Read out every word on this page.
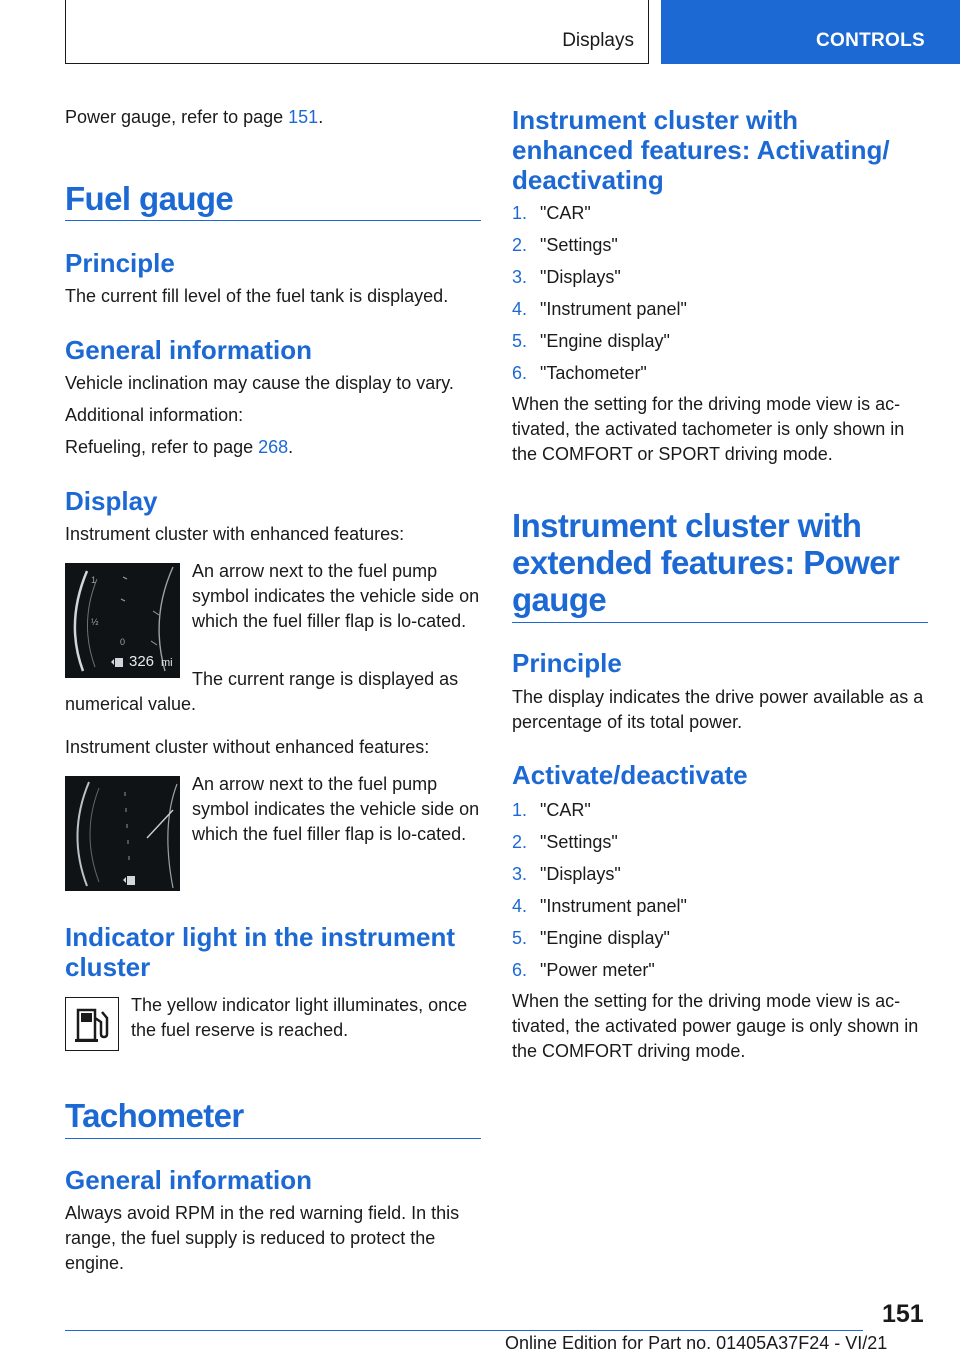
Displays	CONTROLS

Power gauge, refer to page 151.

Fuel gauge
Principle

The current fill level of the fuel tank is displayed.

General information

Vehicle inclination may cause the display to vary.

Additional information:

Refueling, refer to page 268.

Display

Instrument cluster with enhanced features:

1
½
0
326 mi

An arrow next to the fuel pump symbol indicates the vehicle side on which the fuel filler flap is lo‐cated.

The current range is displayed as numerical value.

Instrument cluster without enhanced features:

An arrow next to the fuel pump symbol indicates the vehicle side on which the fuel filler flap is lo‐cated.

Indicator light in the instrument cluster

The yellow indicator light illuminates, once the fuel reserve is reached.

Tachometer
General information

Always avoid RPM in the red warning field. In this range, the fuel supply is reduced to protect the engine.

Instrument cluster with enhanced features: Activating/ deactivating
1. "CAR"
2. "Settings"
3. "Displays"
4. "Instrument panel"
5. "Engine display"
6. "Tachometer"

When the setting for the driving mode view is ac‐tivated, the activated tachometer is only shown in the COMFORT or SPORT driving mode.

Instrument cluster with extended features: Power gauge
Principle

The display indicates the drive power available as a percentage of its total power.

Activate/deactivate
1. "CAR"
2. "Settings"
3. "Displays"
4. "Instrument panel"
5. "Engine display"
6. "Power meter"

When the setting for the driving mode view is ac‐tivated, the activated power gauge is only shown in the COMFORT driving mode.

151
Online Edition for Part no. 01405A37F24 - VI/21
